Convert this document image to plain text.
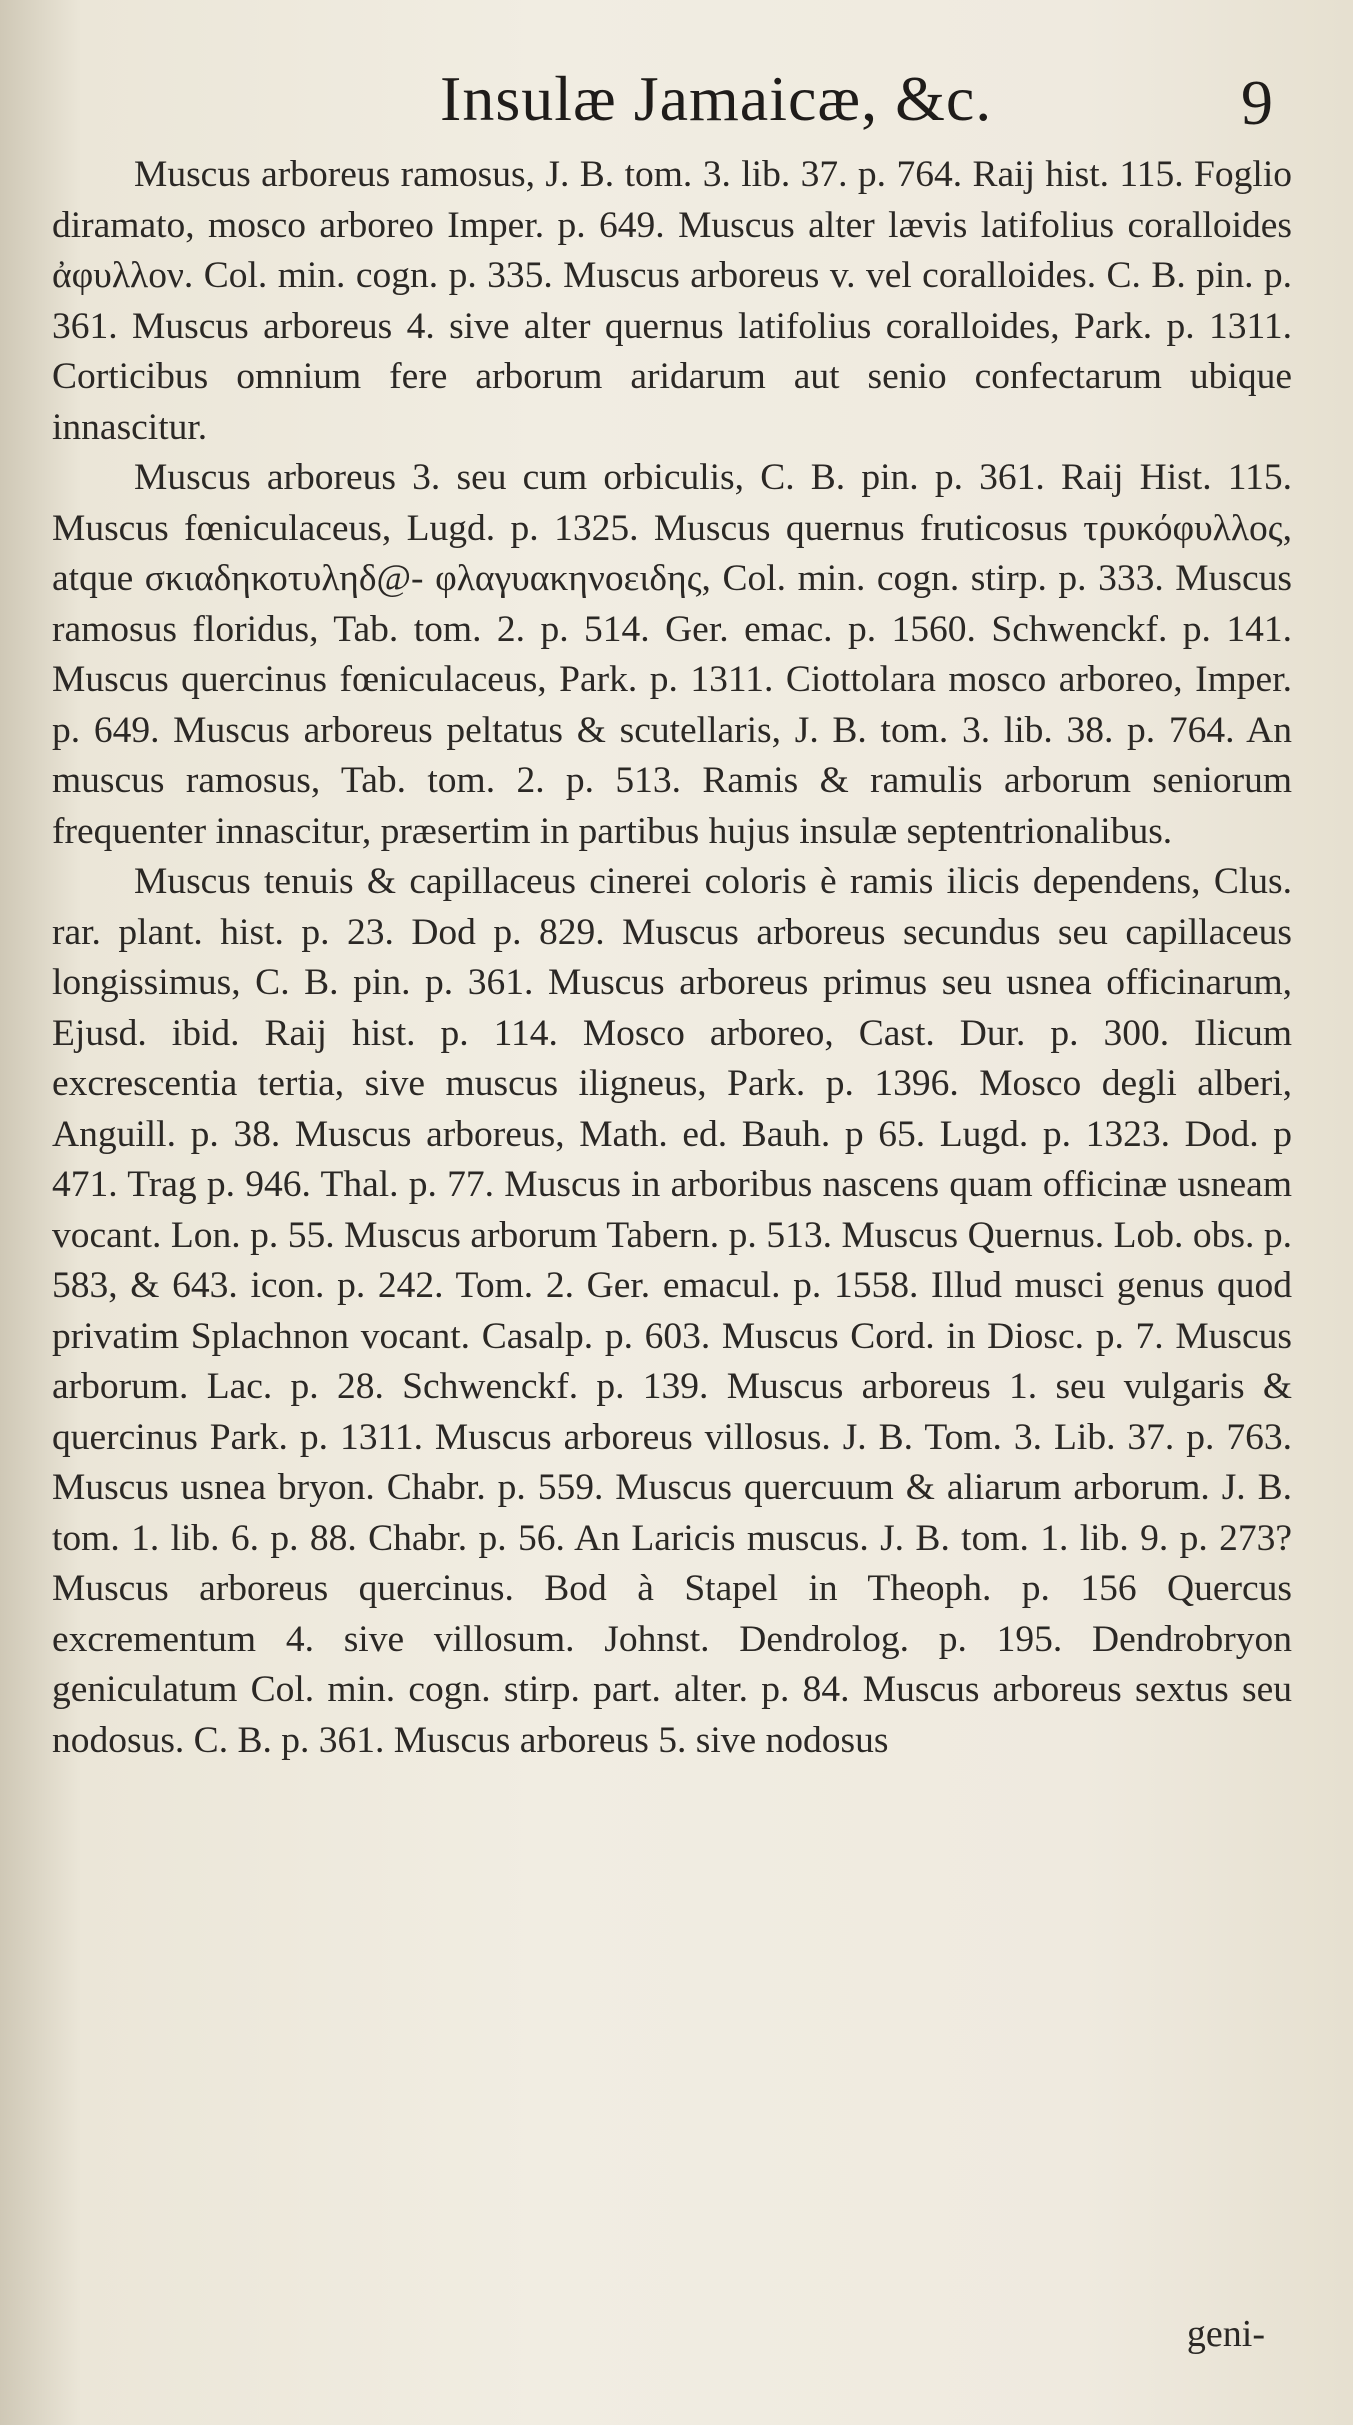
Insulæ Jamaicæ, &c.	9

Muscus arboreus ramosus, J. B. tom. 3. lib. 37. p. 764. Raij hist. 115. Foglio diramato, mosco arboreo Imper. p. 649. Muscus alter lævis latifolius coralloides ἀφυλλον. Col. min. cogn. p. 335. Muscus arboreus v. vel coralloides. C. B. pin. p. 361. Muscus arboreus 4. sive alter quernus latifolius coralloides, Park. p. 1311. Corticibus omnium fere arborum aridarum aut senio confectarum ubique innascitur.

Muscus arboreus 3. seu cum orbiculis, C. B. pin. p. 361. Raij Hist. 115. Muscus fœniculaceus, Lugd. p. 1325. Muscus quernus fruticosus τρυκόφυλλος, atque σκιαδηκοτυληδ@- φλαγυακηνοειδης, Col. min. cogn. stirp. p. 333. Muscus ramosus floridus, Tab. tom. 2. p. 514. Ger. emac. p. 1560. Schwenckf. p. 141. Muscus quercinus fœniculaceus, Park. p. 1311. Ciottolara mosco arboreo, Imper. p. 649. Muscus arboreus peltatus & scutellaris, J. B. tom. 3. lib. 38. p. 764. An muscus ramosus, Tab. tom. 2. p. 513. Ramis & ramulis arborum seniorum frequenter innascitur, præsertim in partibus hujus insulæ septentrionalibus.

Muscus tenuis & capillaceus cinerei coloris è ramis ilicis dependens, Clus. rar. plant. hist. p. 23. Dod p. 829. Muscus arboreus secundus seu capillaceus longissimus, C. B. pin. p. 361. Muscus arboreus primus seu usnea officinarum, Ejusd. ibid. Raij hist. p. 114. Mosco arboreo, Cast. Dur. p. 300. Ilicum excrescentia tertia, sive muscus iligneus, Park. p. 1396. Mosco degli alberi, Anguill. p. 38. Muscus arboreus, Math. ed. Bauh. p 65. Lugd. p. 1323. Dod. p 471. Trag p. 946. Thal. p. 77. Muscus in arboribus nascens quam officinæ usneam vocant. Lon. p. 55. Muscus arborum Tabern. p. 513. Muscus Quernus. Lob. obs. p. 583, & 643. icon. p. 242. Tom. 2. Ger. emacul. p. 1558. Illud musci genus quod privatim Splachnon vocant. Casalp. p. 603. Muscus Cord. in Diosc. p. 7. Muscus arborum. Lac. p. 28. Schwenckf. p. 139. Muscus arboreus 1. seu vulgaris & quercinus Park. p. 1311. Muscus arboreus villosus. J. B. Tom. 3. Lib. 37. p. 763. Muscus usnea bryon. Chabr. p. 559. Muscus quercuum & aliarum arborum. J. B. tom. 1. lib. 6. p. 88. Chabr. p. 56. An Laricis muscus. J. B. tom. 1. lib. 9. p. 273? Muscus arboreus quercinus. Bod à Stapel in Theoph. p. 156 Quercus excrementum 4. sive villosum. Johnst. Dendrolog. p. 195. Dendrobryon geniculatum Col. min. cogn. stirp. part. alter. p. 84. Muscus arboreus sextus seu nodosus. C. B. p. 361. Muscus arboreus 5. sive nodosus

geni-
